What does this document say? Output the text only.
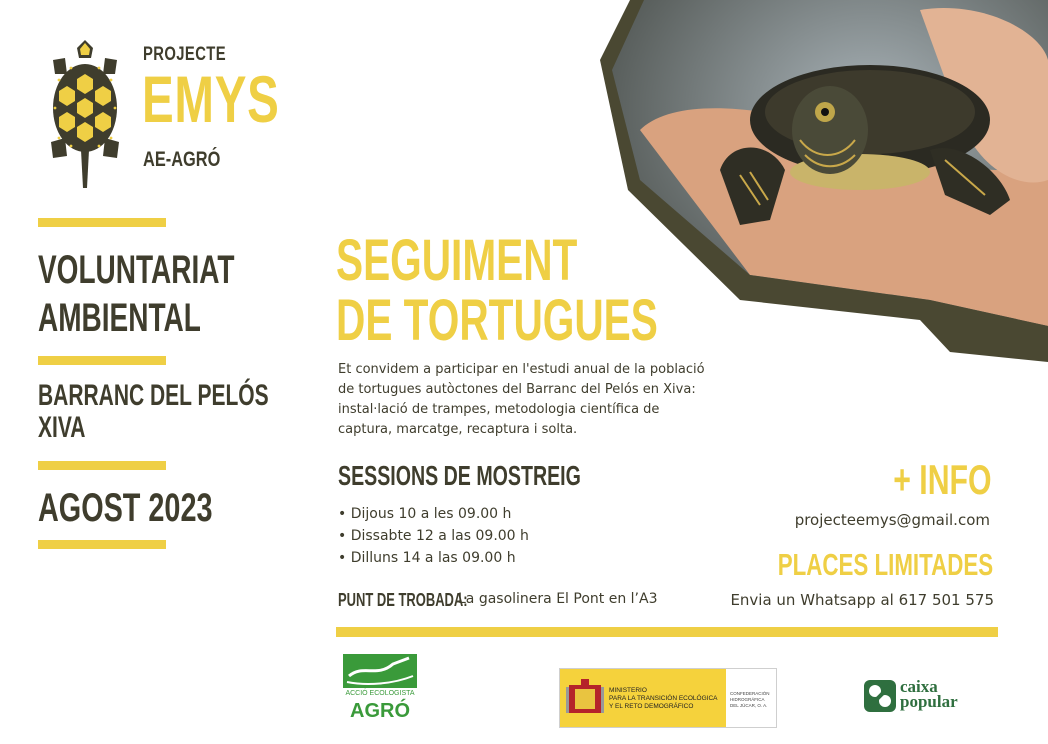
PROJECTE
EMYS
AE-AGRÓ
VOLUNTARIAT
AMBIENTAL
BARRANC DEL PELÓS
XIVA
AGOST 2023
SEGUIMENT
DE TORTUGUES
Et convidem a participar en l'estudi anual de la població de tortugues autòctones del Barranc del Pelós en Xiva: instal·lació de trampes, metodologia científica de captura, marcatge, recaptura i solta.
SESSIONS DE MOSTREIG
• Dijous 10 a les 09.00 h
• Dissabte 12 a las 09.00 h
• Dilluns 14 a las 09.00 h
PUNT DE TROBADA:
La gasolinera El Pont en l’A3
+ INFO
projecteemys@gmail.com
PLACES LIMITADES
Envia un Whatsapp al 617 501 575
ACCIÓ ECOLOGISTA
AGRÓ
MINISTERIO
PARA LA TRANSICIÓN ECOLÓGICA
Y EL RETO DEMOGRÁFICO
CONFEDERACIÓN
HIDROGRÁFICA
DEL JÚCAR, O. A.
caixa
popular
